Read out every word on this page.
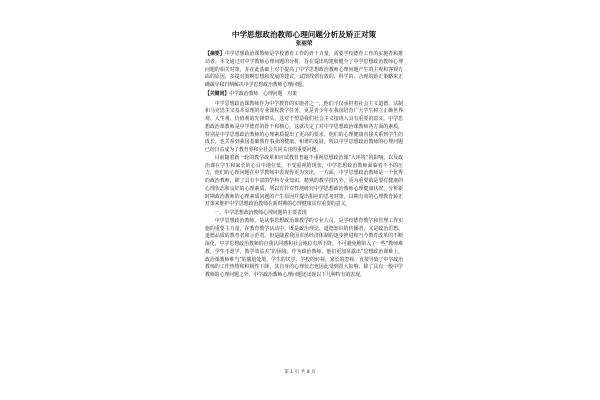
中学思想政治教师心理问题分析及矫正对策
张丽荣

【摘要】中学思想政治课教师是学校德育工作的骨干力量，需要学校德育工作的实施者和推动者。本文通过对中学教师心理问题的分析，旨在提出构建和健全了中学思想政治教师心理问题的相关对策，并在此基础上对于提高了中学思想政治教师心理问题产生的主观和客观方面的原因，多提对策啊思想和发展的建议，试图找到有效的、科学的、合理的矫正策略来正确疏导和归纳解决中学思想政治教师心理问题。

【关键词】中学政治教师　心理问题　对策

中学思想政治课教师作为中学教育的实施者之一，他们不仅承担着社会主义道德、法制和马克思主义基本原理的专业课程教学任务，更是青少年在我国培育广大学生树立正确世界观、人生观、价值观的先锋带头，这对于塑造我们社会主义接班人具有重要的意义。中学思想政治课教师是中学德育的骨干和核心，这就决定了对中学思想政治课教师各方面的素质，特别是中学思想政治教师的心理素质提出了更高的要求。他们的心理健康直接关系到学生的成长，也关系到我国基础教育事业的健康、和谐的发展。所以中学思想政治教师的心理问题已经日益成为了教育界和全社会共同关注的重要问题。

目前随着新一轮的教学改革和应试教育普遍不重视思想政治课“大环境”的影响，以及政治课在学生和家长的心目中地位低，不受重视的现状，中学思想政治教师面临着不小的压力，他们的心理问题在中学教师中表现得更为突出，一方面，中学思想政治教师是一个优秀的政治教师，除了具有丰富的学科专业知识，精熟的教学技巧外，更为重要的是要有健康的心理状态和良好的心理素质。所以有针对性地研究中学思想政治教师心理健康状况，分析新时期政治教师的心理素质问题的产生原因并提出相应的思考对策，以期有效的心理教育矫正对策来维护中学思想政治教师在新时期的心理健康具有重要的意义。

一、中学思想政治教师心理问题的主要表现

中学思想政治教师，是从事思想政治课教学的专业人员，是学校德育教学和管理工作实施的重要主力量，在教育教学活动中，既是政治理论、道德知识的传播者，又是政治思想、道德品质的教育者和示范者。但是随着我国市场经济体制的逐步推进和当今教育改革的不断深化，中学思想政治教师的自我认同感和社会地位有所下降，不可避免地陷入了一些“教师难教，学生不愿学，教学效益差”的困境。作为政治教师，他们更加显露出“思想政治课难上，政治课教师难当”的尴尬处境。学生的厌学、学校的轻视、家长的忽视、直接导致了中学政治教师的工作热情和积极性下降，其自身的心理状态也因此受到很大影响。除了具有一般中学教师的心理问题之外，中学政治教师心理问题还出现以下几种特有的表现。

第 1 页 共 8 页
